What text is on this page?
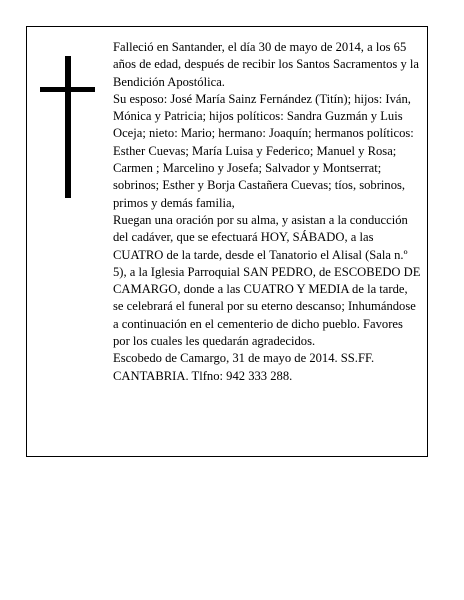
Falleció en Santander, el día 30 de mayo de 2014, a los 65 años de edad, después de recibir los Santos Sacramentos y la Bendición Apostólica.

Su esposo: José María Sainz Fernández (Titín); hijos: Iván, Mónica y Patricia; hijos políticos: Sandra Guzmán y Luis Oceja; nieto: Mario; hermano: Joaquín; hermanos políticos: Esther Cuevas; María Luisa y Federico; Manuel y Rosa; Carmen ; Marcelino y Josefa; Salvador y Montserrat; sobrinos; Esther y Borja Castañera Cuevas; tíos, sobrinos, primos y demás familia,

Ruegan una oración por su alma, y asistan a la conducción del cadáver, que se efectuará HOY, SÁBADO, a las CUATRO de la tarde, desde el Tanatorio el Alisal (Sala n.º 5), a la Iglesia Parroquial SAN PEDRO, de ESCOBEDO DE CAMARGO, donde a las CUATRO Y MEDIA de la tarde, se celebrará el funeral por su eterno descanso; Inhumándose a continuación en el cementerio de dicho pueblo. Favores por los cuales les quedarán agradecidos.

Escobedo de Camargo, 31 de mayo de 2014. SS.FF. CANTABRIA. Tlfno: 942 333 288.
